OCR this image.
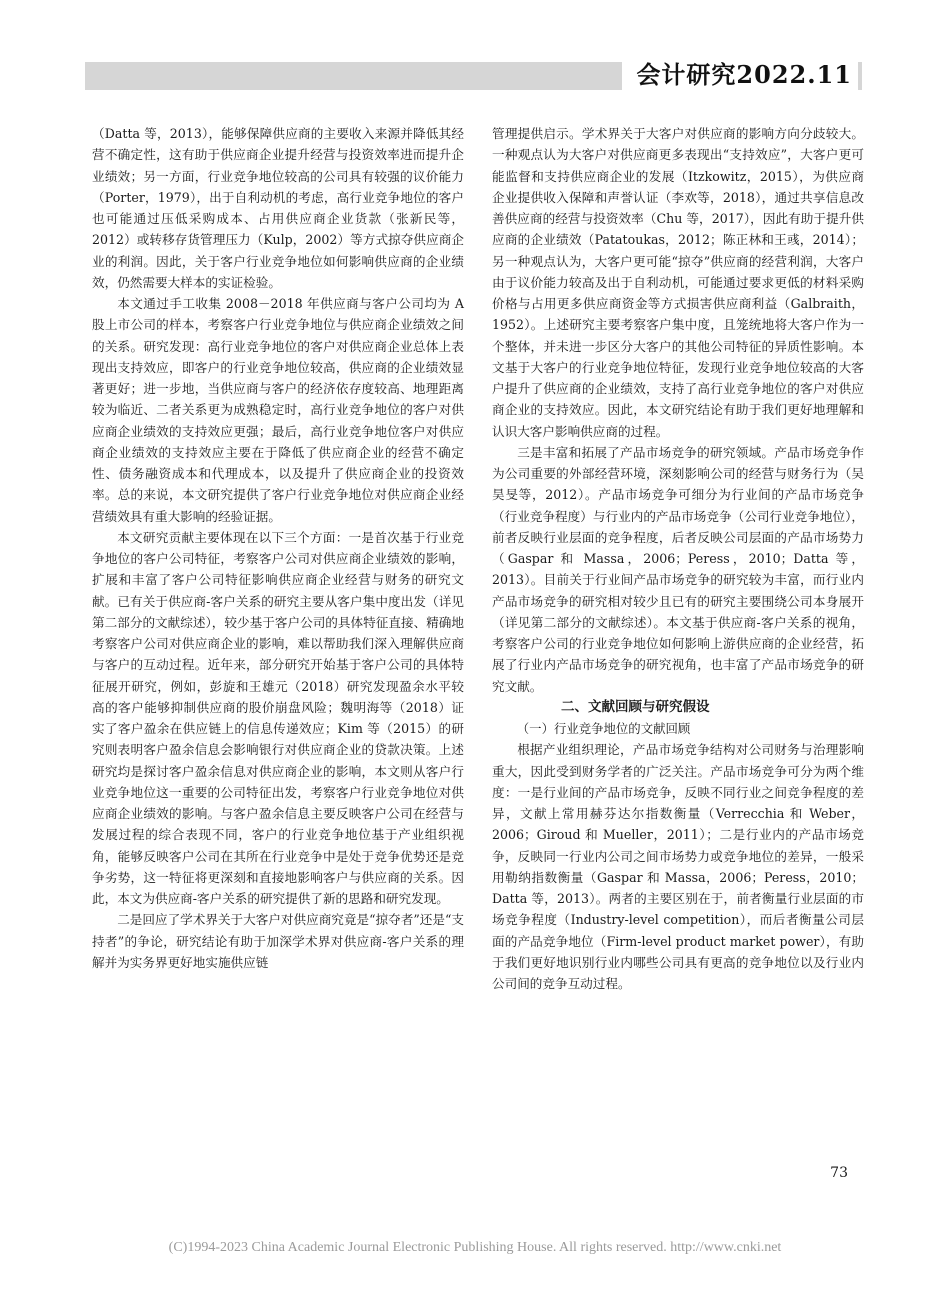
会计研究2022.11

（Datta 等，2013），能够保障供应商的主要收入来源并降低其经营不确定性，这有助于供应商企业提升经营与投资效率进而提升企业绩效；另一方面，行业竞争地位较高的公司具有较强的议价能力（Porter，1979），出于自利动机的考虑，高行业竞争地位的客户也可能通过压低采购成本、占用供应商企业货款（张新民等，2012）或转移存货管理压力（Kulp，2002）等方式掠夺供应商企业的利润。因此，关于客户行业竞争地位如何影响供应商的企业绩效，仍然需要大样本的实证检验。

本文通过手工收集 2008－2018 年供应商与客户公司均为 A 股上市公司的样本，考察客户行业竞争地位与供应商企业绩效之间的关系。研究发现：高行业竞争地位的客户对供应商企业总体上表现出支持效应，即客户的行业竞争地位较高，供应商的企业绩效显著更好；进一步地，当供应商与客户的经济依存度较高、地理距离较为临近、二者关系更为成熟稳定时，高行业竞争地位的客户对供应商企业绩效的支持效应更强；最后，高行业竞争地位客户对供应商企业绩效的支持效应主要在于降低了供应商企业的经营不确定性、债务融资成本和代理成本，以及提升了供应商企业的投资效率。总的来说，本文研究提供了客户行业竞争地位对供应商企业经营绩效具有重大影响的经验证据。

本文研究贡献主要体现在以下三个方面：一是首次基于行业竞争地位的客户公司特征，考察客户公司对供应商企业绩效的影响，扩展和丰富了客户公司特征影响供应商企业经营与财务的研究文献。已有关于供应商-客户关系的研究主要从客户集中度出发（详见第二部分的文献综述），较少基于客户公司的具体特征直接、精确地考察客户公司对供应商企业的影响，难以帮助我们深入理解供应商与客户的互动过程。近年来，部分研究开始基于客户公司的具体特征展开研究，例如，彭旋和王雄元（2018）研究发现盈余水平较高的客户能够抑制供应商的股价崩盘风险；魏明海等（2018）证实了客户盈余在供应链上的信息传递效应；Kim 等（2015）的研究则表明客户盈余信息会影响银行对供应商企业的贷款决策。上述研究均是探讨客户盈余信息对供应商企业的影响，本文则从客户行业竞争地位这一重要的公司特征出发，考察客户行业竞争地位对供应商企业绩效的影响。与客户盈余信息主要反映客户公司在经营与发展过程的综合表现不同，客户的行业竞争地位基于产业组织视角，能够反映客户公司在其所在行业竞争中是处于竞争优势还是竞争劣势，这一特征将更深刻和直接地影响客户与供应商的关系。因此，本文为供应商-客户关系的研究提供了新的思路和研究发现。

二是回应了学术界关于大客户对供应商究竟是“掠夺者”还是“支持者”的争论，研究结论有助于加深学术界对供应商-客户关系的理解并为实务界更好地实施供应链

管理提供启示。学术界关于大客户对供应商的影响方向分歧较大。一种观点认为大客户对供应商更多表现出“支持效应”，大客户更可能监督和支持供应商企业的发展（Itzkowitz，2015），为供应商企业提供收入保障和声誉认证（李欢等，2018），通过共享信息改善供应商的经营与投资效率（Chu 等，2017），因此有助于提升供应商的企业绩效（Patatoukas，2012；陈正林和王彧，2014）；另一种观点认为，大客户更可能“掠夺”供应商的经营利润，大客户由于议价能力较高及出于自利动机，可能通过要求更低的材料采购价格与占用更多供应商资金等方式损害供应商利益（Galbraith，1952）。上述研究主要考察客户集中度，且笼统地将大客户作为一个整体，并未进一步区分大客户的其他公司特征的异质性影响。本文基于大客户的行业竞争地位特征，发现行业竞争地位较高的大客户提升了供应商的企业绩效，支持了高行业竞争地位的客户对供应商企业的支持效应。因此，本文研究结论有助于我们更好地理解和认识大客户影响供应商的过程。

三是丰富和拓展了产品市场竞争的研究领域。产品市场竞争作为公司重要的外部经营环境，深刻影响公司的经营与财务行为（吴昊旻等，2012）。产品市场竞争可细分为行业间的产品市场竞争（行业竞争程度）与行业内的产品市场竞争（公司行业竞争地位），前者反映行业层面的竞争程度，后者反映公司层面的产品市场势力（Gaspar 和 Massa，2006；Peress，2010；Datta 等，2013）。目前关于行业间产品市场竞争的研究较为丰富，而行业内产品市场竞争的研究相对较少且已有的研究主要围绕公司本身展开（详见第二部分的文献综述）。本文基于供应商-客户关系的视角，考察客户公司的行业竞争地位如何影响上游供应商的企业经营，拓展了行业内产品市场竞争的研究视角，也丰富了产品市场竞争的研究文献。

二、文献回顾与研究假设

（一）行业竞争地位的文献回顾

根据产业组织理论，产品市场竞争结构对公司财务与治理影响重大，因此受到财务学者的广泛关注。产品市场竞争可分为两个维度：一是行业间的产品市场竞争，反映不同行业之间竞争程度的差异，文献上常用赫芬达尔指数衡量（Verrecchia 和 Weber，2006；Giroud 和 Mueller，2011）；二是行业内的产品市场竞争，反映同一行业内公司之间市场势力或竞争地位的差异，一般采用勒纳指数衡量（Gaspar 和 Massa，2006；Peress，2010；Datta 等，2013）。两者的主要区别在于，前者衡量行业层面的市场竞争程度（Industry-level competition），而后者衡量公司层面的产品竞争地位（Firm-level product market power），有助于我们更好地识别行业内哪些公司具有更高的竞争地位以及行业内公司间的竞争互动过程。

73
(C)1994-2023 China Academic Journal Electronic Publishing House. All rights reserved. http://www.cnki.net
